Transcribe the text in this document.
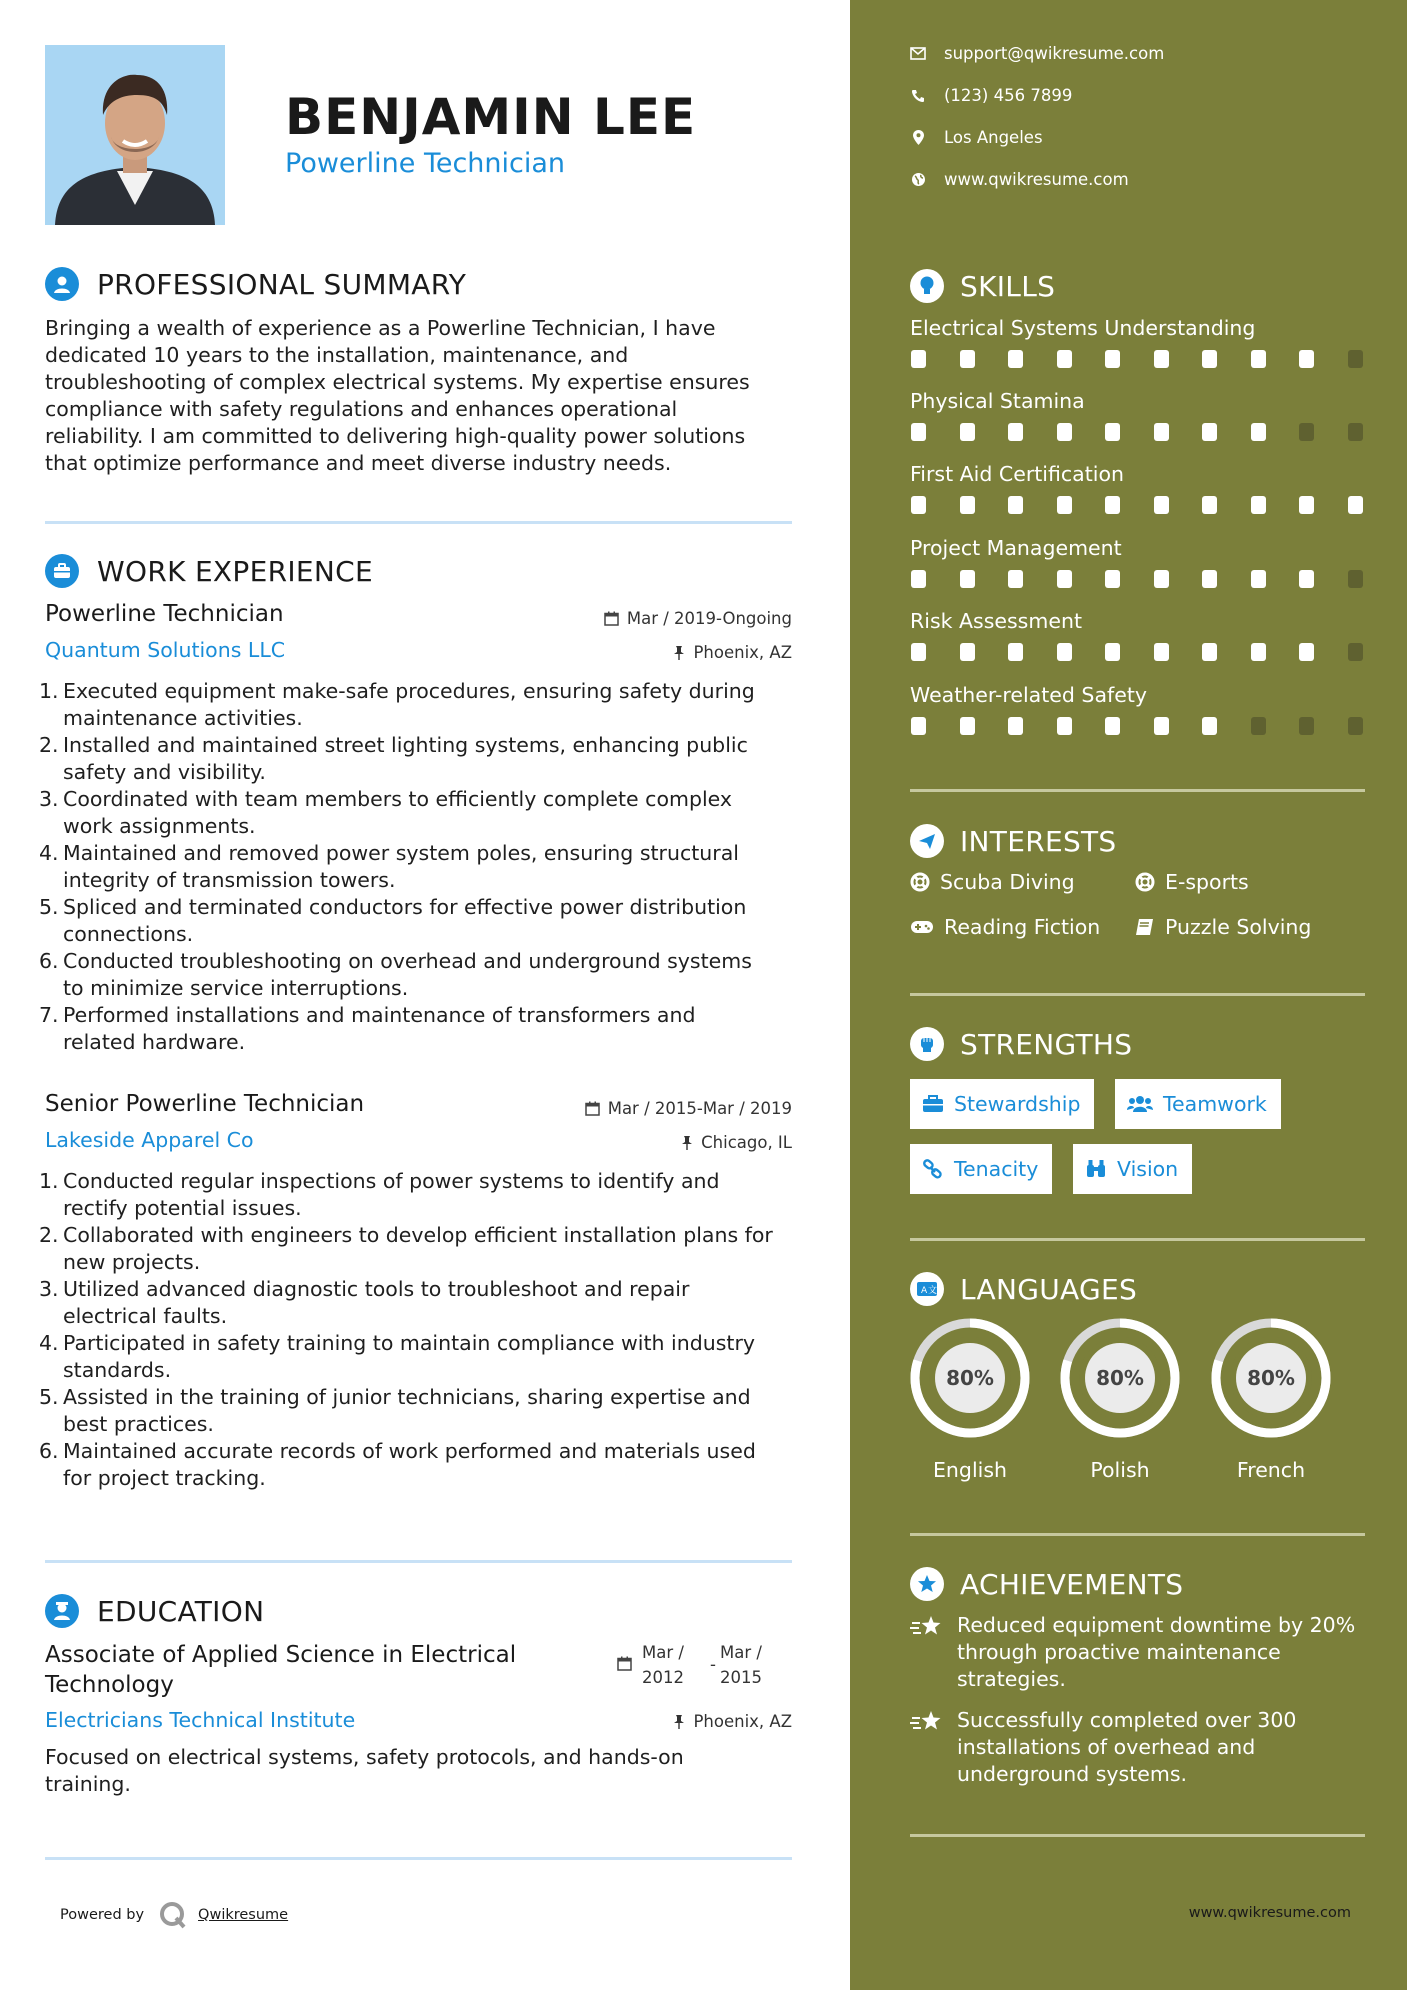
BENJAMIN LEE
Powerline Technician
PROFESSIONAL SUMMARY
Bringing a wealth of experience as a Powerline Technician, I have
dedicated 10 years to the installation, maintenance, and
troubleshooting of complex electrical systems. My expertise ensures
compliance with safety regulations and enhances operational
reliability. I am committed to delivering high-quality power solutions
that optimize performance and meet diverse industry needs.
WORK EXPERIENCE
Powerline Technician
Quantum Solutions LLC
Mar / 2019-Ongoing
Phoenix, AZ
1. Executed equipment make-safe procedures, ensuring safety during
maintenance activities.
2. Installed and maintained street lighting systems, enhancing public
safety and visibility.
3. Coordinated with team members to efficiently complete complex
work assignments.
4. Maintained and removed power system poles, ensuring structural
integrity of transmission towers.
5. Spliced and terminated conductors for effective power distribution
connections.
6. Conducted troubleshooting on overhead and underground systems
to minimize service interruptions.
7. Performed installations and maintenance of transformers and
related hardware.
Senior Powerline Technician
Lakeside Apparel Co
Mar / 2015-Mar / 2019
Chicago, IL
1. Conducted regular inspections of power systems to identify and
rectify potential issues.
2. Collaborated with engineers to develop efficient installation plans for
new projects.
3. Utilized advanced diagnostic tools to troubleshoot and repair
electrical faults.
4. Participated in safety training to maintain compliance with industry
standards.
5. Assisted in the training of junior technicians, sharing expertise and
best practices.
6. Maintained accurate records of work performed and materials used
for project tracking.
EDUCATION
Associate of Applied Science in Electrical
Technology
Mar /
2012
-
Mar /
2015
Electricians Technical Institute	Phoenix, AZ
Focused on electrical systems, safety protocols, and hands-on
training.
Powered by	Qwikresume
support@qwikresume.com
(123) 456 7899
Los Angeles
www.qwikresume.com
SKILLS
Electrical Systems Understanding
Physical Stamina
First Aid Certification
Project Management
Risk Assessment
Weather-related Safety
INTERESTS
Scuba Diving	E-sports
Reading Fiction	Puzzle Solving
STRENGTHS
Stewardship	Teamwork
Tenacity	Vision
A 文 LANGUAGES
80%
English
80%
Polish
80%
French
ACHIEVEMENTS
Reduced equipment downtime by 20%
through proactive maintenance
strategies.
Successfully completed over 300
installations of overhead and
underground systems.
www.qwikresume.com
